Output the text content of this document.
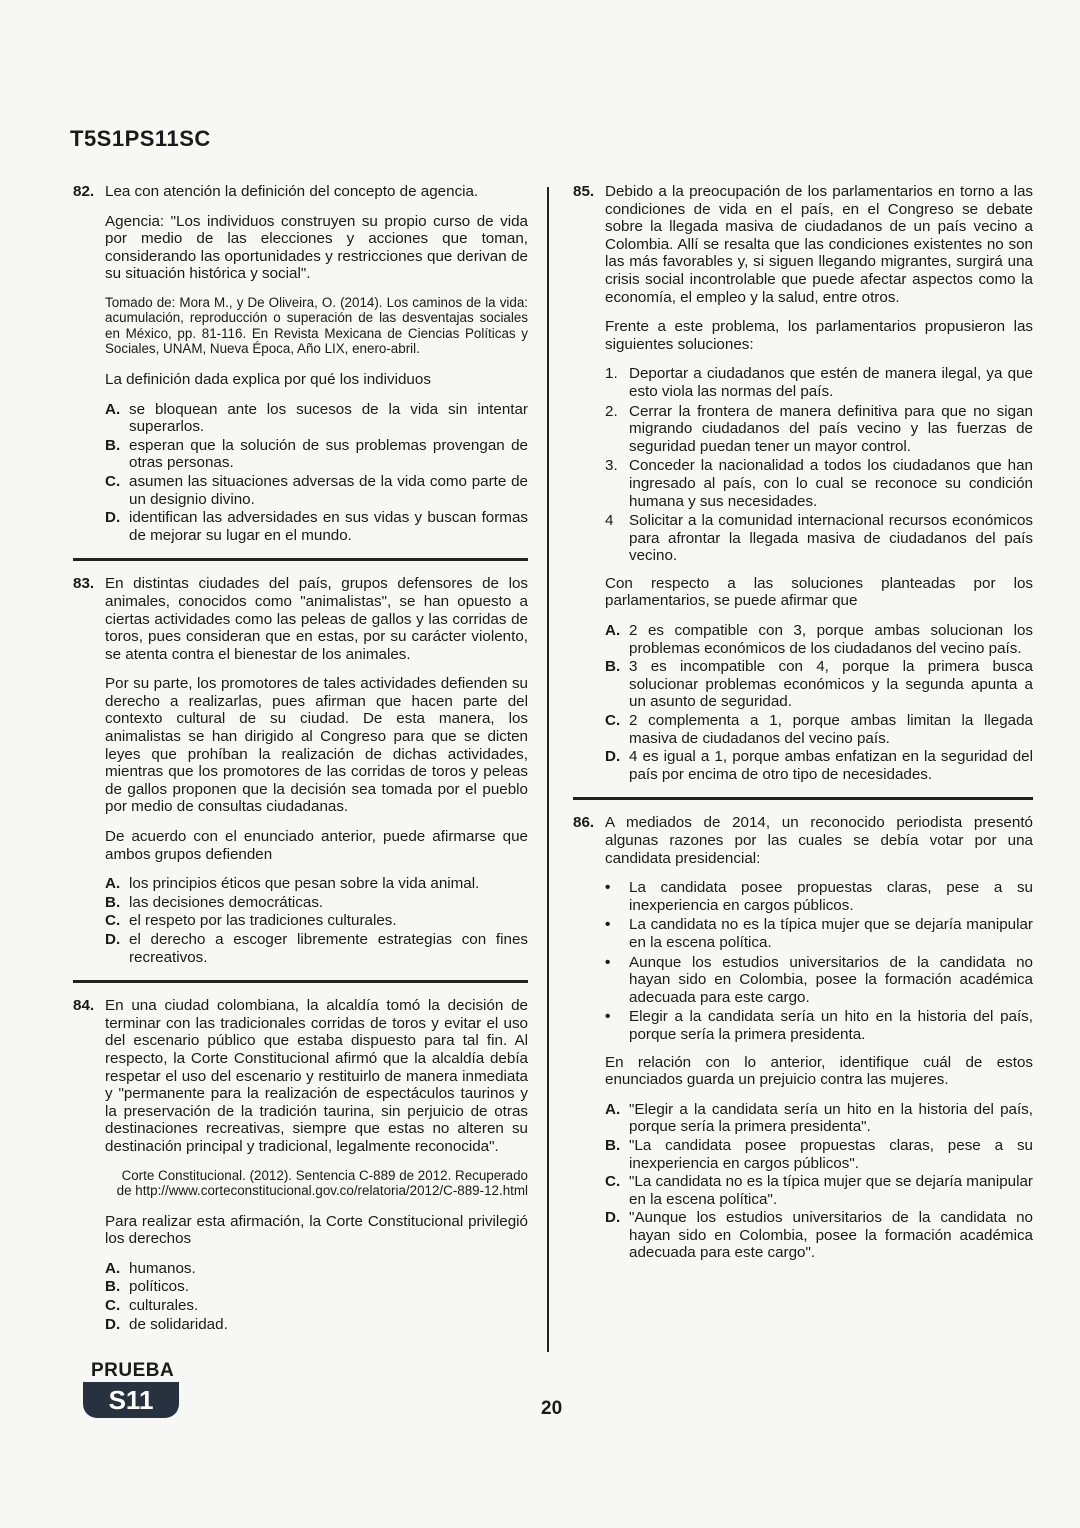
T5S1PS11SC
82. Lea con atención la definición del concepto de agencia.

Agencia: "Los individuos construyen su propio curso de vida por medio de las elecciones y acciones que toman, considerando las oportunidades y restricciones que derivan de su situación histórica y social".

Tomado de: Mora M., y De Oliveira, O. (2014). Los caminos de la vida: acumulación, reproducción o superación de las desventajas sociales en México, pp. 81-116. En Revista Mexicana de Ciencias Políticas y Sociales, UNAM, Nueva Época, Año LIX, enero-abril.

La definición dada explica por qué los individuos

A. se bloquean ante los sucesos de la vida sin intentar superarlos.
B. esperan que la solución de sus problemas provengan de otras personas.
C. asumen las situaciones adversas de la vida como parte de un designio divino.
D. identifican las adversidades en sus vidas y buscan formas de mejorar su lugar en el mundo.
83. En distintas ciudades del país, grupos defensores de los animales, conocidos como "animalistas", se han opuesto a ciertas actividades como las peleas de gallos y las corridas de toros, pues consideran que en estas, por su carácter violento, se atenta contra el bienestar de los animales.

Por su parte, los promotores de tales actividades defienden su derecho a realizarlas, pues afirman que hacen parte del contexto cultural de su ciudad. De esta manera, los animalistas se han dirigido al Congreso para que se dicten leyes que prohíban la realización de dichas actividades, mientras que los promotores de las corridas de toros y peleas de gallos proponen que la decisión sea tomada por el pueblo por medio de consultas ciudadanas.

De acuerdo con el enunciado anterior, puede afirmarse que ambos grupos defienden

A. los principios éticos que pesan sobre la vida animal.
B. las decisiones democráticas.
C. el respeto por las tradiciones culturales.
D. el derecho a escoger libremente estrategias con fines recreativos.
84. En una ciudad colombiana, la alcaldía tomó la decisión de terminar con las tradicionales corridas de toros y evitar el uso del escenario público que estaba dispuesto para tal fin. Al respecto, la Corte Constitucional afirmó que la alcaldía debía respetar el uso del escenario y restituirlo de manera inmediata y "permanente para la realización de espectáculos taurinos y la preservación de la tradición taurina, sin perjuicio de otras destinaciones recreativas, siempre que estas no alteren su destinación principal y tradicional, legalmente reconocida".

Corte Constitucional. (2012). Sentencia C-889 de 2012. Recuperado de http://www.corteconstitucional.gov.co/relatoria/2012/C-889-12.html

Para realizar esta afirmación, la Corte Constitucional privilegió los derechos

A. humanos.
B. políticos.
C. culturales.
D. de solidaridad.
85. Debido a la preocupación de los parlamentarios en torno a las condiciones de vida en el país, en el Congreso se debate sobre la llegada masiva de ciudadanos de un país vecino a Colombia. Allí se resalta que las condiciones existentes no son las más favorables y, si siguen llegando migrantes, surgirá una crisis social incontrolable que puede afectar aspectos como la economía, el empleo y la salud, entre otros.

Frente a este problema, los parlamentarios propusieron las siguientes soluciones:

1. Deportar a ciudadanos que estén de manera ilegal, ya que esto viola las normas del país.
2. Cerrar la frontera de manera definitiva para que no sigan migrando ciudadanos del país vecino y las fuerzas de seguridad puedan tener un mayor control.
3. Conceder la nacionalidad a todos los ciudadanos que han ingresado al país, con lo cual se reconoce su condición humana y sus necesidades.
4 Solicitar a la comunidad internacional recursos económicos para afrontar la llegada masiva de ciudadanos del país vecino.

Con respecto a las soluciones planteadas por los parlamentarios, se puede afirmar que

A. 2 es compatible con 3, porque ambas solucionan los problemas económicos de los ciudadanos del vecino país.
B. 3 es incompatible con 4, porque la primera busca solucionar problemas económicos y la segunda apunta a un asunto de seguridad.
C. 2 complementa a 1, porque ambas limitan la llegada masiva de ciudadanos del vecino país.
D. 4 es igual a 1, porque ambas enfatizan en la seguridad del país por encima de otro tipo de necesidades.
86. A mediados de 2014, un reconocido periodista presentó algunas razones por las cuales se debía votar por una candidata presidencial:

• La candidata posee propuestas claras, pese a su inexperiencia en cargos públicos.
• La candidata no es la típica mujer que se dejaría manipular en la escena política.
• Aunque los estudios universitarios de la candidata no hayan sido en Colombia, posee la formación académica adecuada para este cargo.
• Elegir a la candidata sería un hito en la historia del país, porque sería la primera presidenta.

En relación con lo anterior, identifique cuál de estos enunciados guarda un prejuicio contra las mujeres.

A. "Elegir a la candidata sería un hito en la historia del país, porque sería la primera presidenta".
B. "La candidata posee propuestas claras, pese a su inexperiencia en cargos públicos".
C. "La candidata no es la típica mujer que se dejaría manipular en la escena política".
D. "Aunque los estudios universitarios de la candidata no hayan sido en Colombia, posee la formación académica adecuada para este cargo".
PRUEBA
S11	20
